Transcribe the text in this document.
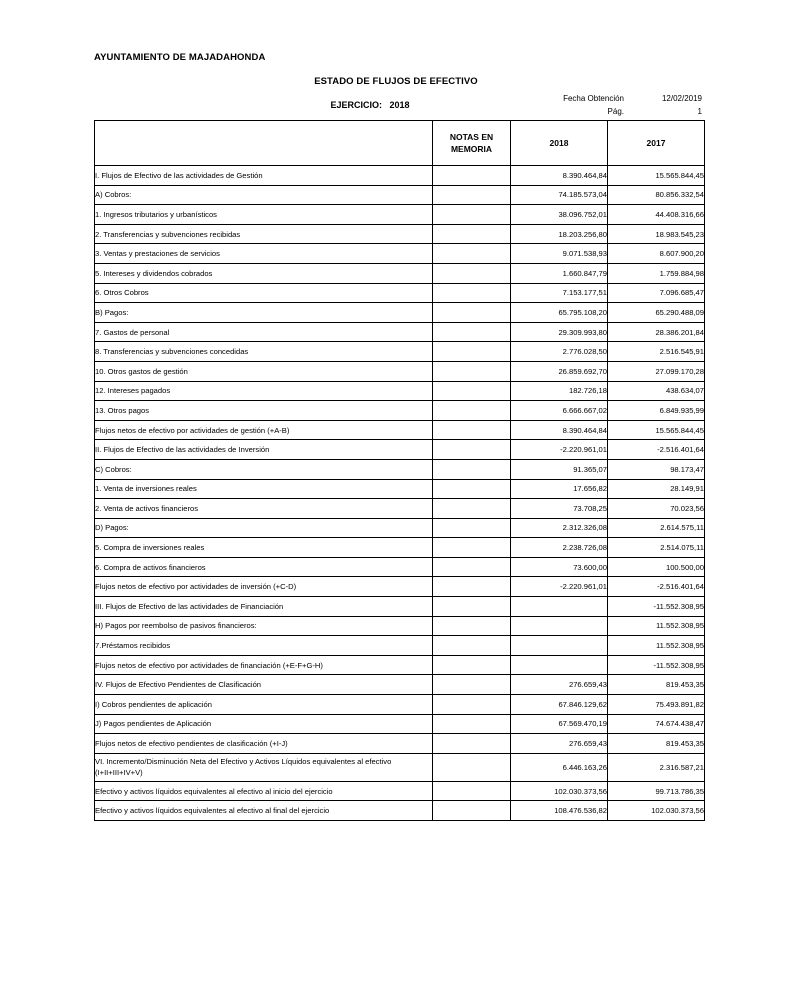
AYUNTAMIENTO DE MAJADAHONDA
ESTADO DE FLUJOS DE EFECTIVO
EJERCICIO: 2018
Fecha Obtención	12/02/2019
Pág.	1
	NOTAS EN
MEMORIA	2018	2017
I. Flujos de Efectivo de las actividades de Gestión		8.390.464,84	15.565.844,45
A) Cobros:		74.185.573,04	80.856.332,54
1. Ingresos tributarios y urbanísticos		38.096.752,01	44.408.316,66
2. Transferencias y subvenciones recibidas		18.203.256,80	18.983.545,23
3. Ventas y prestaciones de servicios		9.071.538,93	8.607.900,20
5. Intereses y dividendos cobrados		1.660.847,79	1.759.884,98
6. Otros Cobros		7.153.177,51	7.096.685,47
B) Pagos:		65.795.108,20	65.290.488,09
7. Gastos de personal		29.309.993,80	28.386.201,84
8. Transferencias y subvenciones concedidas		2.776.028,50	2.516.545,91
10. Otros gastos de gestión		26.859.692,70	27.099.170,28
12. Intereses pagados		182.726,18	438.634,07
13. Otros pagos		6.666.667,02	6.849.935,99
Flujos netos de efectivo por actividades de gestión (+A-B)		8.390.464,84	15.565.844,45
II. Flujos de Efectivo de las actividades de Inversión		-2.220.961,01	-2.516.401,64
C) Cobros:		91.365,07	98.173,47
1. Venta de inversiones reales		17.656,82	28.149,91
2. Venta de activos financieros		73.708,25	70.023,56
D) Pagos:		2.312.326,08	2.614.575,11
5. Compra de inversiones reales		2.238.726,08	2.514.075,11
6. Compra de activos financieros		73.600,00	100.500,00
Flujos netos de efectivo por actividades de inversión (+C-D)		-2.220.961,01	-2.516.401,64
III. Flujos de Efectivo de las actividades de Financiación			-11.552.308,95
H) Pagos por reembolso de pasivos financieros:			11.552.308,95
7.Préstamos recibidos			11.552.308,95
Flujos netos de efectivo por actividades de financiación (+E-F+G-H)			-11.552.308,95
IV. Flujos de Efectivo Pendientes de Clasificación		276.659,43	819.453,35
I) Cobros pendientes de aplicación		67.846.129,62	75.493.891,82
J) Pagos pendientes de Aplicación		67.569.470,19	74.674.438,47
Flujos netos de efectivo pendientes de clasificación (+I-J)		276.659,43	819.453,35
VI. Incremento/Disminución Neta del Efectivo y Activos Líquidos equivalentes al efectivo (I+II+III+IV+V)		6.446.163,26	2.316.587,21
Efectivo y activos líquidos equivalentes al efectivo al inicio del ejercicio		102.030.373,56	99.713.786,35
Efectivo y activos líquidos equivalentes al efectivo al final del ejercicio		108.476.536,82	102.030.373,56
